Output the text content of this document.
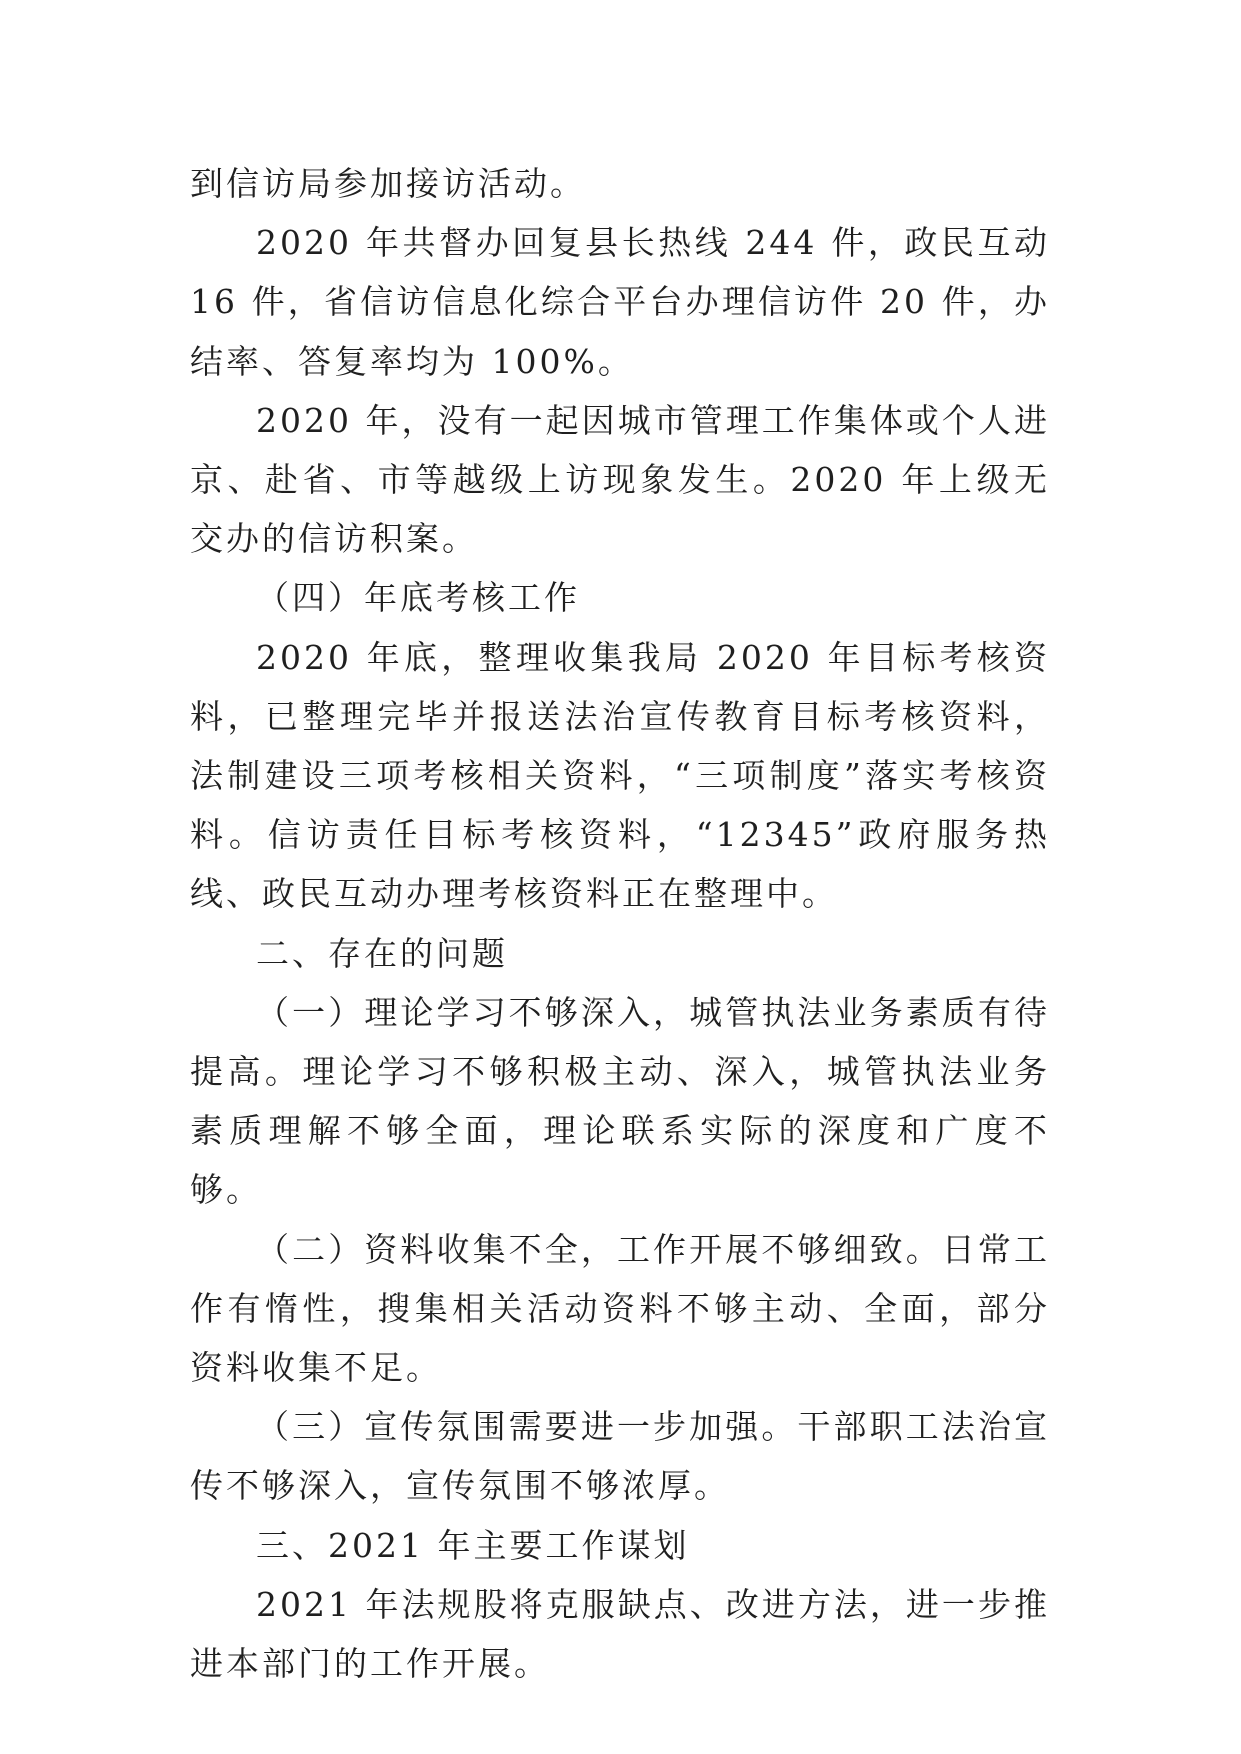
到信访局参加接访活动。

2020 年共督办回复县长热线 244 件，政民互动 16 件，省信访信息化综合平台办理信访件 20 件，办结率、答复率均为 100%。

2020 年，没有一起因城市管理工作集体或个人进京、赴省、市等越级上访现象发生。2020 年上级无交办的信访积案。

（四）年底考核工作

2020 年底，整理收集我局 2020 年目标考核资料，已整理完毕并报送法治宣传教育目标考核资料，法制建设三项考核相关资料，“三项制度”落实考核资料。信访责任目标考核资料，“12345”政府服务热线、政民互动办理考核资料正在整理中。

二、存在的问题

（一）理论学习不够深入，城管执法业务素质有待提高。理论学习不够积极主动、深入，城管执法业务素质理解不够全面，理论联系实际的深度和广度不够。

（二）资料收集不全，工作开展不够细致。日常工作有惰性，搜集相关活动资料不够主动、全面，部分资料收集不足。

（三）宣传氛围需要进一步加强。干部职工法治宣传不够深入，宣传氛围不够浓厚。

三、2021 年主要工作谋划

2021 年法规股将克服缺点、改进方法，进一步推进本部门的工作开展。
